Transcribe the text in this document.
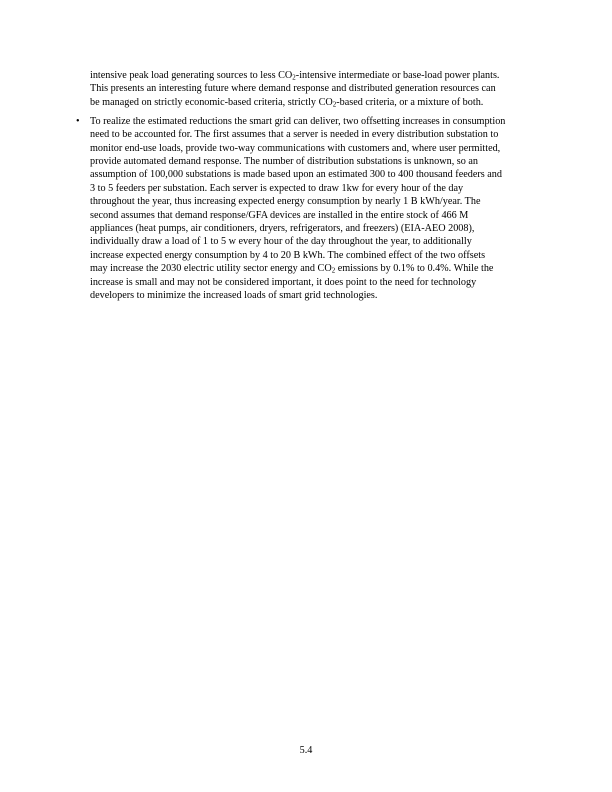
intensive peak load generating sources to less $CO_2$-intensive intermediate or base-load power plants.
This presents an interesting future where demand response and distributed generation resources can
be managed on strictly economic-based criteria, strictly $CO_2$-based criteria, or a mixture of both.
•	To realize the estimated reductions the smart grid can deliver, two offsetting increases in consumption
need to be accounted for. The first assumes that a server is needed in every distribution substation to
monitor end-use loads, provide two-way communications with customers and, where user permitted,
provide automated demand response. The number of distribution substations is unknown, so an
assumption of 100,000 substations is made based upon an estimated 300 to 400 thousand feeders and
3 to 5 feeders per substation. Each server is expected to draw 1kw for every hour of the day
throughout the year, thus increasing expected energy consumption by nearly 1 B kWh/year. The
second assumes that demand response/GFA devices are installed in the entire stock of 466 M
appliances (heat pumps, air conditioners, dryers, refrigerators, and freezers) (EIA-AEO 2008),
individually draw a load of 1 to 5 w every hour of the day throughout the year, to additionally
increase expected energy consumption by 4 to 20 B kWh. The combined effect of the two offsets
may increase the 2030 electric utility sector energy and $CO_2$ emissions by 0.1% to 0.4%. While the
increase is small and may not be considered important, it does point to the need for technology
developers to minimize the increased loads of smart grid technologies.
5.4
